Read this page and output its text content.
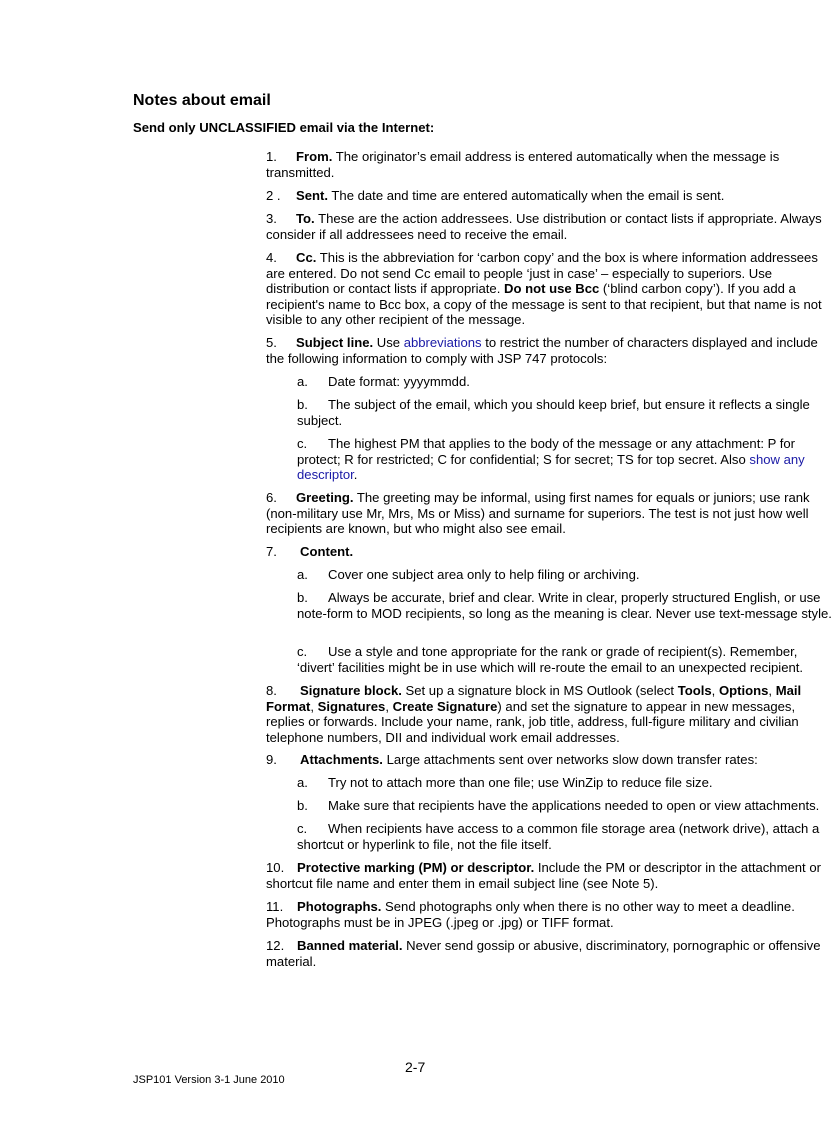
Notes about email
Send only UNCLASSIFIED email via the Internet:

1. From. The originator’s email address is entered automatically when the message is transmitted.

2 . Sent. The date and time are entered automatically when the email is sent.

3. To. These are the action addressees. Use distribution or contact lists if appropriate. Always consider if all addressees need to receive the email.

4. Cc. This is the abbreviation for ‘carbon copy’ and the box is where information addressees are entered. Do not send Cc email to people ‘just in case’ – especially to superiors. Use distribution or contact lists if appropriate. Do not use Bcc (‘blind carbon copy’). If you add a recipient's name to Bcc box, a copy of the message is sent to that recipient, but that name is not visible to any other recipient of the message.

5. Subject line. Use abbreviations to restrict the number of characters displayed and include the following information to comply with JSP 747 protocols:

a. Date format: yyyymmdd.

b. The subject of the email, which you should keep brief, but ensure it reflects a single subject.

c. The highest PM that applies to the body of the message or any attachment: P for protect; R for restricted; C for confidential; S for secret; TS for top secret. Also show any descriptor.

6. Greeting. The greeting may be informal, using first names for equals or juniors; use rank (non-military use Mr, Mrs, Ms or Miss) and surname for superiors. The test is not just how well recipients are known, but who might also see email.

7. Content.

a. Cover one subject area only to help filing or archiving.

b. Always be accurate, brief and clear. Write in clear, properly structured English, or use note-form to MOD recipients, so long as the meaning is clear. Never use text-message style.

c. Use a style and tone appropriate for the rank or grade of recipient(s). Remember, ‘divert’ facilities might be in use which will re-route the email to an unexpected recipient.

8. Signature block. Set up a signature block in MS Outlook (select Tools, Options, Mail Format, Signatures, Create Signature) and set the signature to appear in new messages, replies or forwards. Include your name, rank, job title, address, full-figure military and civilian telephone numbers, DII and individual work email addresses.

9. Attachments. Large attachments sent over networks slow down transfer rates:

a. Try not to attach more than one file; use WinZip to reduce file size.

b. Make sure that recipients have the applications needed to open or view attachments.

c. When recipients have access to a common file storage area (network drive), attach a shortcut or hyperlink to file, not the file itself.

10. Protective marking (PM) or descriptor. Include the PM or descriptor in the attachment or shortcut file name and enter them in email subject line (see Note 5).

11. Photographs. Send photographs only when there is no other way to meet a deadline. Photographs must be in JPEG (.jpeg or .jpg) or TIFF format.

12. Banned material. Never send gossip or abusive, discriminatory, pornographic or offensive material.

2-7
JSP101 Version 3-1 June 2010
